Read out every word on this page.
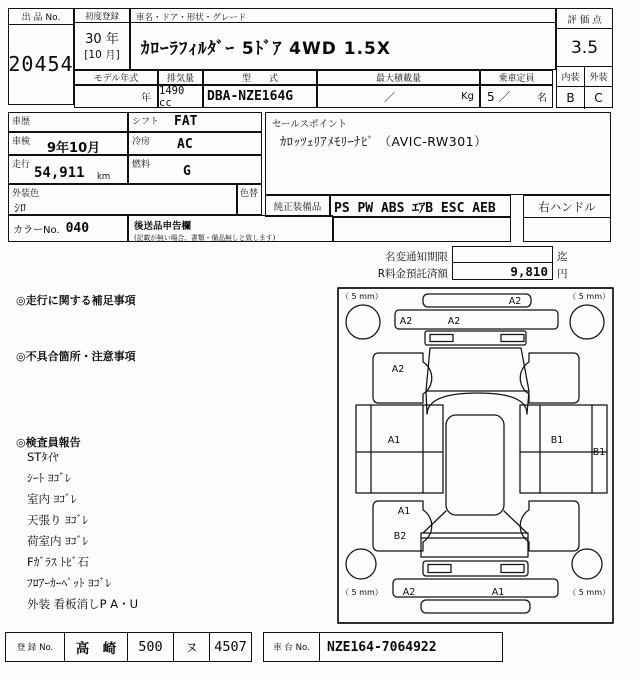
出 品 No.
20454
初度登録
30 年
[10 月]
車名・ドア・形状・グレード
ｶﾛｰﾗﾌｨﾙﾀﾞｰ 5ﾄﾞｱ 4WD 1.5X
モデル年式	排気量	型　　式	最大積載量	乗車定員
年
1490 cc	DBA-NZE164G	／	Kg	5 ／	名
評 価 点
3.5
内装	外装
B	C
車歴	シフト FAT
車検 9年10月	冷房 AC
走行 54,911 km
燃料	G
外装色
ｼﾛ
色替
カラーNo. 040	後送品申告欄
(記載が無い場合、書類・備品無しと致します)
セールスポイント
ｶﾛｯﾂｪﾘｱﾒﾓﾘｰﾅﾋﾞ （AVIC-RW301）
純正装備品 PS PW ABS ｴｱB ESC AEB	右ハンドル
名変通知期限	迄
R料金預託済額	9,810 円
◎走行に関する補足事項
◎不具合箇所・注意事項
◎検査員報告
STﾀｲﾔ
ｼｰﾄ ﾖｺﾞﾚ
室内 ﾖｺﾞﾚ
天張り ﾖｺﾞﾚ
荷室内 ﾖｺﾞﾚ
Fｶﾞﾗｽ ﾄﾋﾞ石
ﾌﾛｱｰｶｰﾍﾟｯﾄ ﾖｺﾞﾚ
外装 看板消しP A・U
A2
A2	A2
A2
A1	B1
B1
A1
B2
A2	A1
（ 5 mm）	（ 5 mm）
（ 5 mm）	（ 5 mm）
登 録 No.	高　崎	500	ヌ	4507	車 台 No.	NZE164-7064922
